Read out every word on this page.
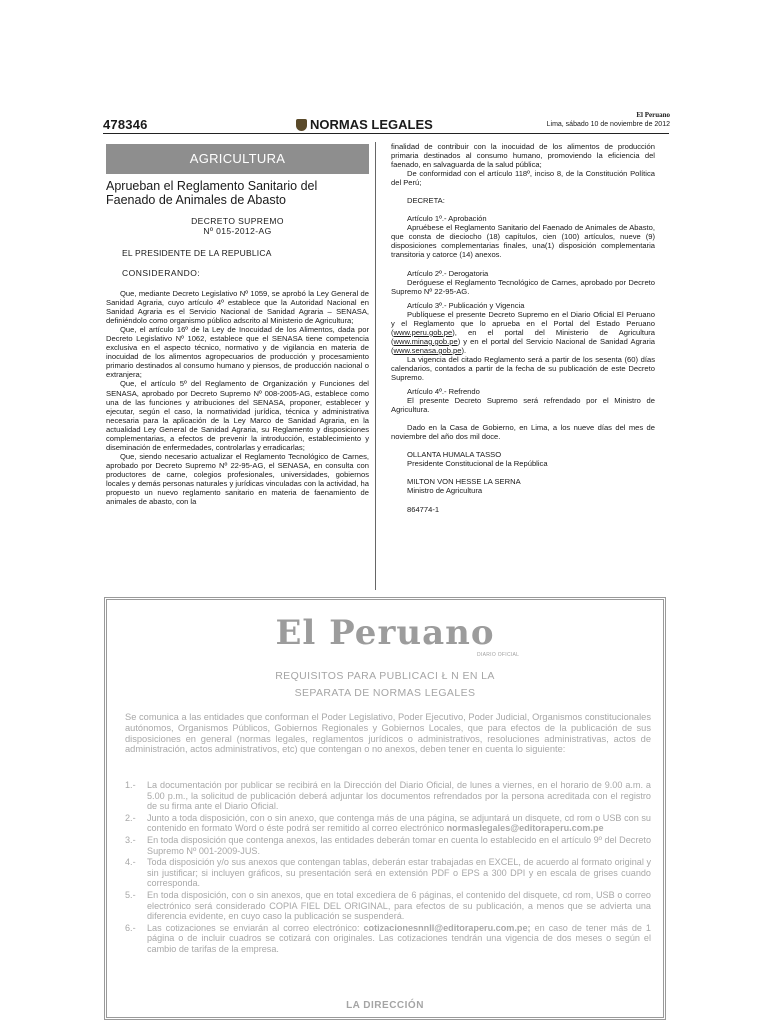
478346	NORMAS LEGALES
El Peruano
Lima, sábado 10 de noviembre de 2012
AGRICULTURA
Aprueban el Reglamento Sanitario del
Faenado de Animales de Abasto
DECRETO SUPREMO
Nº 015-2012-AG
EL PRESIDENTE DE LA REPUBLICA
CONSIDERANDO:

Que, mediante Decreto Legislativo Nº 1059, se aprobó la Ley General de Sanidad Agraria, cuyo artículo 4º establece que la Autoridad Nacional en Sanidad Agraria es el Servicio Nacional de Sanidad Agraria – SENASA, definiéndolo como organismo público adscrito al Ministerio de Agricultura;

Que, el artículo 16º de la Ley de Inocuidad de los Alimentos, dada por Decreto Legislativo Nº 1062, establece que el SENASA tiene competencia exclusiva en el aspecto técnico, normativo y de vigilancia en materia de inocuidad de los alimentos agropecuarios de producción y procesamiento primario destinados al consumo humano y piensos, de producción nacional o extranjera;

Que, el artículo 5º del Reglamento de Organización y Funciones del SENASA, aprobado por Decreto Supremo Nº 008-2005-AG, establece como una de las funciones y atribuciones del SENASA, proponer, establecer y ejecutar, según el caso, la normatividad jurídica, técnica y administrativa necesaria para la aplicación de la Ley Marco de Sanidad Agraria, en la actualidad Ley General de Sanidad Agraria, su Reglamento y disposiciones complementarias, a efectos de prevenir la introducción, establecimiento y diseminación de enfermedades, controlarlas y erradicarlas;

Que, siendo necesario actualizar el Reglamento Tecnológico de Carnes, aprobado por Decreto Supremo Nº 22-95-AG, el SENASA, en consulta con productores de carne, colegios profesionales, universidades, gobiernos locales y demás personas naturales y jurídicas vinculadas con la actividad, ha propuesto un nuevo reglamento sanitario en materia de faenamiento de animales de abasto, con la

finalidad de contribuir con la inocuidad de los alimentos de producción primaria destinados al consumo humano, promoviendo la eficiencia del faenado, en salvaguarda de la salud pública;

De conformidad con el artículo 118º, inciso 8, de la Constitución Política del Perú;

DECRETA:

Artículo 1º.- Aprobación

Apruébese el Reglamento Sanitario del Faenado de Animales de Abasto, que consta de dieciocho (18) capítulos, cien (100) artículos, nueve (9) disposiciones complementarias finales, una(1) disposición complementaria transitoria y catorce (14) anexos.

Artículo 2º.- Derogatoria

Deróguese el Reglamento Tecnológico de Carnes, aprobado por Decreto Supremo Nº 22-95-AG.

Artículo 3º.- Publicación y Vigencia

Publíquese el presente Decreto Supremo en el Diario Oficial El Peruano y el Reglamento que lo aprueba en el Portal del Estado Peruano (www.peru.gob.pe), en el portal del Ministerio de Agricultura (www.minag.gob.pe) y en el portal del Servicio Nacional de Sanidad Agraria (www.senasa.gob.pe).

La vigencia del citado Reglamento será a partir de los sesenta (60) días calendarios, contados a partir de la fecha de su publicación de este Decreto Supremo.

Artículo 4º.- Refrendo

El presente Decreto Supremo será refrendado por el Ministro de Agricultura.

Dado en la Casa de Gobierno, en Lima, a los nueve días del mes de noviembre del año dos mil doce.

OLLANTA HUMALA TASSO

Presidente Constitucional de la República

MILTON VON HESSE LA SERNA

Ministro de Agricultura

864774-1

El Peruano
DIARIO OFICIAL
REQUISITOS PARA PUBLICACI Ł N EN LA
SEPARATA DE NORMAS LEGALES
Se comunica a las entidades que conforman el Poder Legislativo, Poder Ejecutivo, Poder Judicial, Organismos constitucionales autónomos, Organismos Públicos, Gobiernos Regionales y Gobiernos Locales, que para efectos de la publicación de sus disposiciones en general (normas legales, reglamentos jurídicos o administrativos, resoluciones administrativas, actos de administración, actos administrativos, etc) que contengan o no anexos, deben tener en cuenta lo siguiente:
1.-	La documentación por publicar se recibirá en la Dirección del Diario Oficial, de lunes a viernes, en el horario de 9.00 a.m. a 5.00 p.m., la solicitud de publicación deberá adjuntar los documentos refrendados por la persona acreditada con el registro de su firma ante el Diario Oficial.
2.-	Junto a toda disposición, con o sin anexo, que contenga más de una página, se adjuntará un disquete, cd rom o USB con su contenido en formato Word o éste podrá ser remitido al correo electrónico normaslegales@editoraperu.com.pe
3.-	En toda disposición que contenga anexos, las entidades deberán tomar en cuenta lo establecido en el artículo 9º del Decreto Supremo Nº 001-2009-JUS.
4.-	Toda disposición y/o sus anexos que contengan tablas, deberán estar trabajadas en EXCEL, de acuerdo al formato original y sin justificar; si incluyen gráficos, su presentación será en extensión PDF o EPS a 300 DPI y en escala de grises cuando corresponda.
5.-	En toda disposición, con o sin anexos, que en total excediera de 6 páginas, el contenido del disquete, cd rom, USB o correo electrónico será considerado COPIA FIEL DEL ORIGINAL, para efectos de su publicación, a menos que se advierta una diferencia evidente, en cuyo caso la publicación se suspenderá.
6.-	Las cotizaciones se enviarán al correo electrónico: cotizacionesnnll@editoraperu.com.pe; en caso de tener más de 1 página o de incluir cuadros se cotizará con originales. Las cotizaciones tendrán una vigencia de dos meses o según el cambio de tarifas de la empresa.
LA DIRECCIÓN
